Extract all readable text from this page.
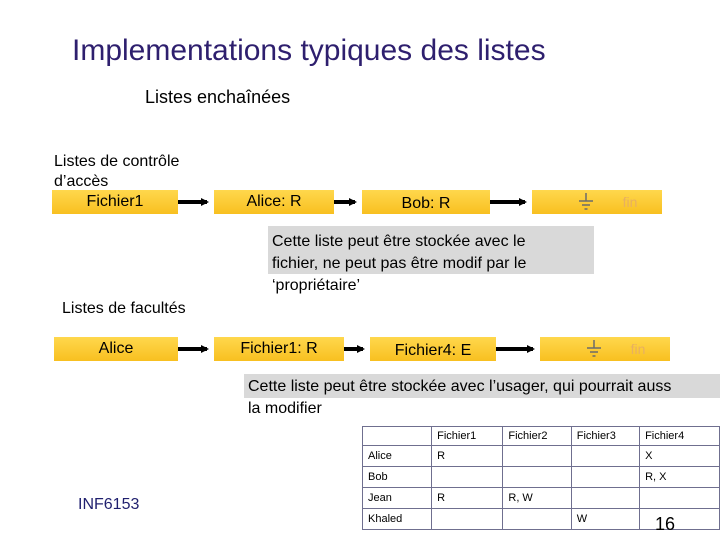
Implementations typiques des listes
Listes enchaînées
Listes de contrôle
d’accès
Fichier1	Alice: R	Bob: R	fin
Cette liste peut être stockée avec le
fichier, ne peut pas être modif par le
‘propriétaire’
Listes de facultés
Alice	Fichier1: R	Fichier4: E	fin
Cette liste peut être stockée avec l’usager, qui pourrait auss
la modifier
	Fichier1	Fichier2	Fichier3	Fichier4
Alice	R			X
Bob				R, X
Jean	R	R, W		
Khaled			W	
INF6153
16
